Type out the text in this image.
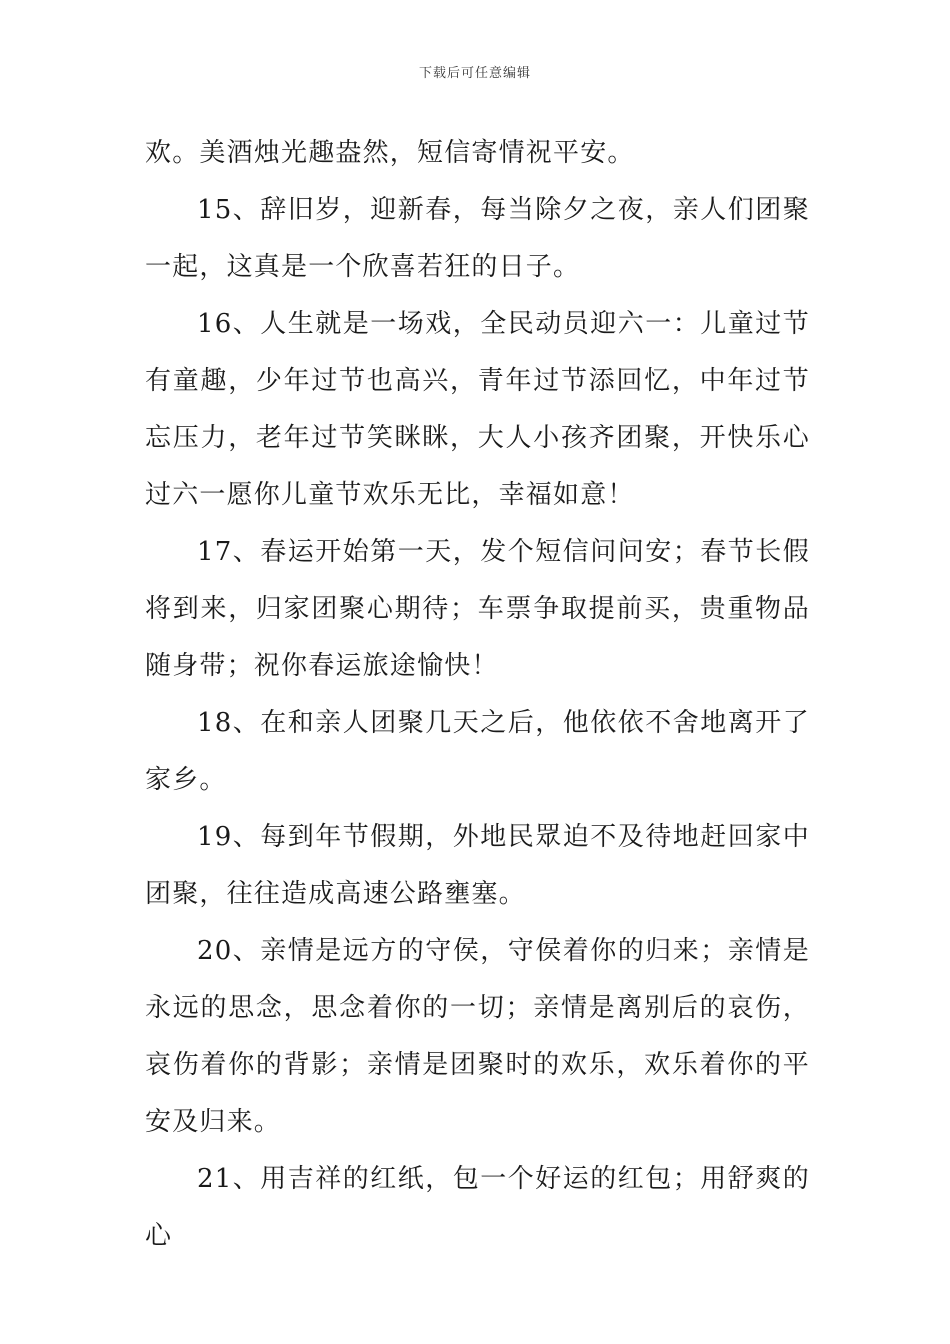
下载后可任意编辑

欢。美酒烛光趣盎然，短信寄情祝平安。

15、辞旧岁，迎新春，每当除夕之夜，亲人们团聚一起，这真是一个欣喜若狂的日子。

16、人生就是一场戏，全民动员迎六一：儿童过节有童趣，少年过节也高兴，青年过节添回忆，中年过节忘压力，老年过节笑眯眯，大人小孩齐团聚，开快乐心过六一愿你儿童节欢乐无比，幸福如意！

17、春运开始第一天，发个短信问问安；春节长假将到来，归家团聚心期待；车票争取提前买，贵重物品随身带；祝你春运旅途愉快！

18、在和亲人团聚几天之后，他依依不舍地离开了家乡。

19、每到年节假期，外地民眾迫不及待地赶回家中团聚，往往造成高速公路壅塞。

20、亲情是远方的守侯，守侯着你的归来；亲情是永远的思念，思念着你的一切；亲情是离别后的哀伤，哀伤着你的背影；亲情是团聚时的欢乐，欢乐着你的平安及归来。

21、用吉祥的红纸，包一个好运的红包；用舒爽的心
